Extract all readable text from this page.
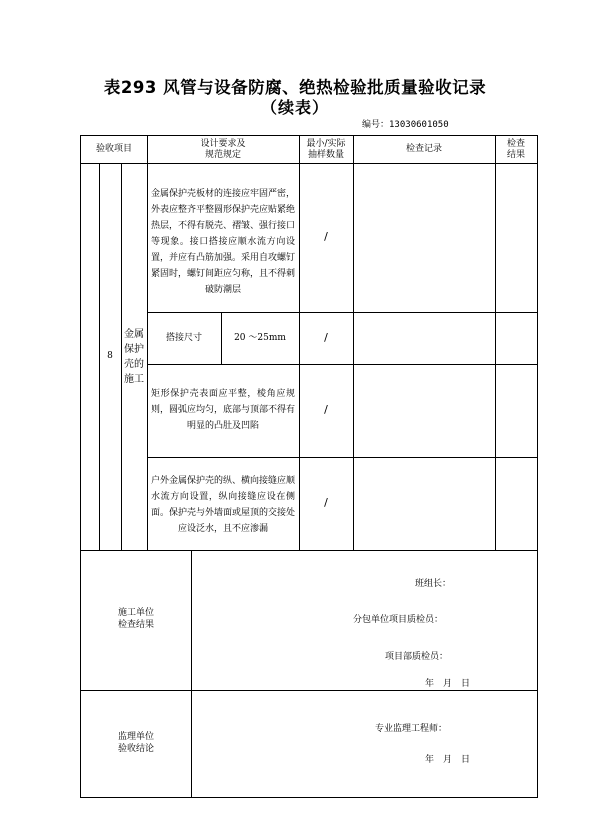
表293 风管与设备防腐、绝热检验批质量验收记录
（续表）
编号：13030601050
验收项目
设计要求及
规范规定
最小/实际
抽样数量
检查记录
检查
结果
8
金属
保护
壳的
施工
金属保护壳板材的连接应牢固严密，外表应整齐平整圆形保护壳应贴紧绝热层，不得有脱壳、褶皱、强行接口等现象。接口搭接应顺水流方向设置，并应有凸筋加强。采用自攻螺钉紧固时，螺钉间距应匀称，且不得刺破防潮层
/
搭接尺寸	20 ～25mm	/
矩形保护壳表面应平整，棱角应规则，圆弧应均匀，底部与顶部不得有明显的凸肚及凹陷
/
户外金属保护壳的纵、横向接缝应顺水流方向设置，纵向接缝应设在侧面。保护壳与外墙面或屋顶的交接处应设泛水，且不应渗漏
/
施工单位
检查结果
班组长：
分包单位项目质检员：
项目部质检员：
年　月　日
监理单位
验收结论
专业监理工程师：
年　月　日
